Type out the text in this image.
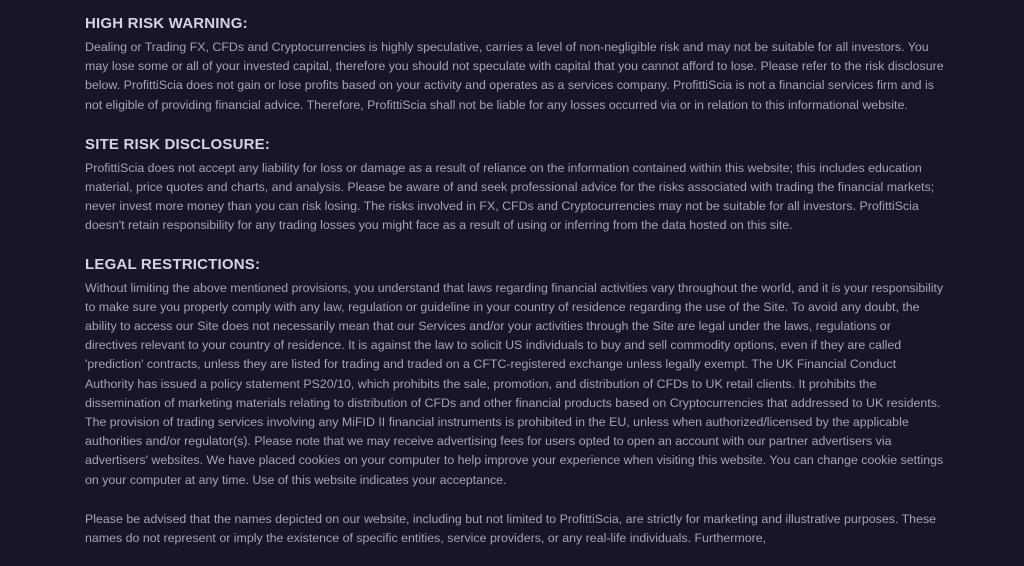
HIGH RISK WARNING:

Dealing or Trading FX, CFDs and Cryptocurrencies is highly speculative, carries a level of non-negligible risk and may not be suitable for all investors. You may lose some or all of your invested capital, therefore you should not speculate with capital that you cannot afford to lose. Please refer to the risk disclosure below. ProfittiScia does not gain or lose profits based on your activity and operates as a services company. ProfittiScia is not a financial services firm and is not eligible of providing financial advice. Therefore, ProfittiScia shall not be liable for any losses occurred via or in relation to this informational website.

SITE RISK DISCLOSURE:

ProfittiScia does not accept any liability for loss or damage as a result of reliance on the information contained within this website; this includes education material, price quotes and charts, and analysis. Please be aware of and seek professional advice for the risks associated with trading the financial markets; never invest more money than you can risk losing. The risks involved in FX, CFDs and Cryptocurrencies may not be suitable for all investors. ProfittiScia doesn't retain responsibility for any trading losses you might face as a result of using or inferring from the data hosted on this site.

LEGAL RESTRICTIONS:

Without limiting the above mentioned provisions, you understand that laws regarding financial activities vary throughout the world, and it is your responsibility to make sure you properly comply with any law, regulation or guideline in your country of residence regarding the use of the Site. To avoid any doubt, the ability to access our Site does not necessarily mean that our Services and/or your activities through the Site are legal under the laws, regulations or directives relevant to your country of residence. It is against the law to solicit US individuals to buy and sell commodity options, even if they are called 'prediction' contracts, unless they are listed for trading and traded on a CFTC-registered exchange unless legally exempt. The UK Financial Conduct Authority has issued a policy statement PS20/10, which prohibits the sale, promotion, and distribution of CFDs to UK retail clients. It prohibits the dissemination of marketing materials relating to distribution of CFDs and other financial products based on Cryptocurrencies that addressed to UK residents. The provision of trading services involving any MiFID II financial instruments is prohibited in the EU, unless when authorized/licensed by the applicable authorities and/or regulator(s). Please note that we may receive advertising fees for users opted to open an account with our partner advertisers via advertisers' websites. We have placed cookies on your computer to help improve your experience when visiting this website. You can change cookie settings on your computer at any time. Use of this website indicates your acceptance.

Please be advised that the names depicted on our website, including but not limited to ProfittiScia, are strictly for marketing and illustrative purposes. These names do not represent or imply the existence of specific entities, service providers, or any real-life individuals. Furthermore,
